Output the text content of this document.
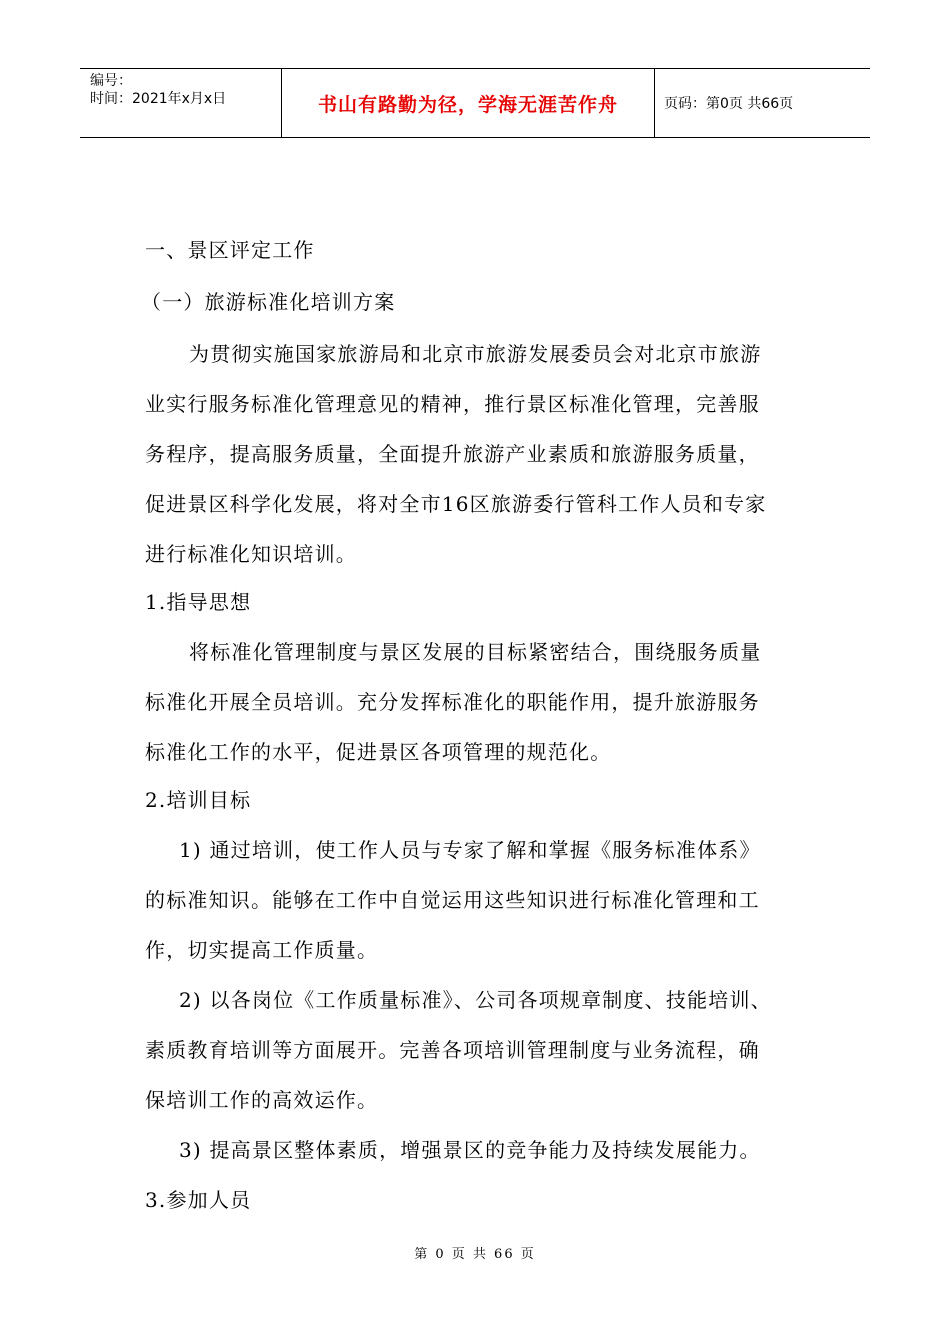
编号：
时间：2021年x月x日	书山有路勤为径，学海无涯苦作舟	页码：第0页 共66页
一、景区评定工作
（一）旅游标准化培训方案
为贯彻实施国家旅游局和北京市旅游发展委员会对北京市旅游
业实行服务标准化管理意见的精神，推行景区标准化管理，完善服
务程序，提高服务质量，全面提升旅游产业素质和旅游服务质量，
促进景区科学化发展，将对全市16区旅游委行管科工作人员和专家
进行标准化知识培训。
1.指导思想
将标准化管理制度与景区发展的目标紧密结合，围绕服务质量
标准化开展全员培训。充分发挥标准化的职能作用，提升旅游服务
标准化工作的水平，促进景区各项管理的规范化。
2.培训目标
1) 通过培训，使工作人员与专家了解和掌握《服务标准体系》
的标准知识。能够在工作中自觉运用这些知识进行标准化管理和工
作，切实提高工作质量。
2) 以各岗位《工作质量标准》、公司各项规章制度、技能培训、
素质教育培训等方面展开。完善各项培训管理制度与业务流程，确
保培训工作的高效运作。
3) 提高景区整体素质，增强景区的竞争能力及持续发展能力。
3.参加人员
第 0 页 共 66 页
